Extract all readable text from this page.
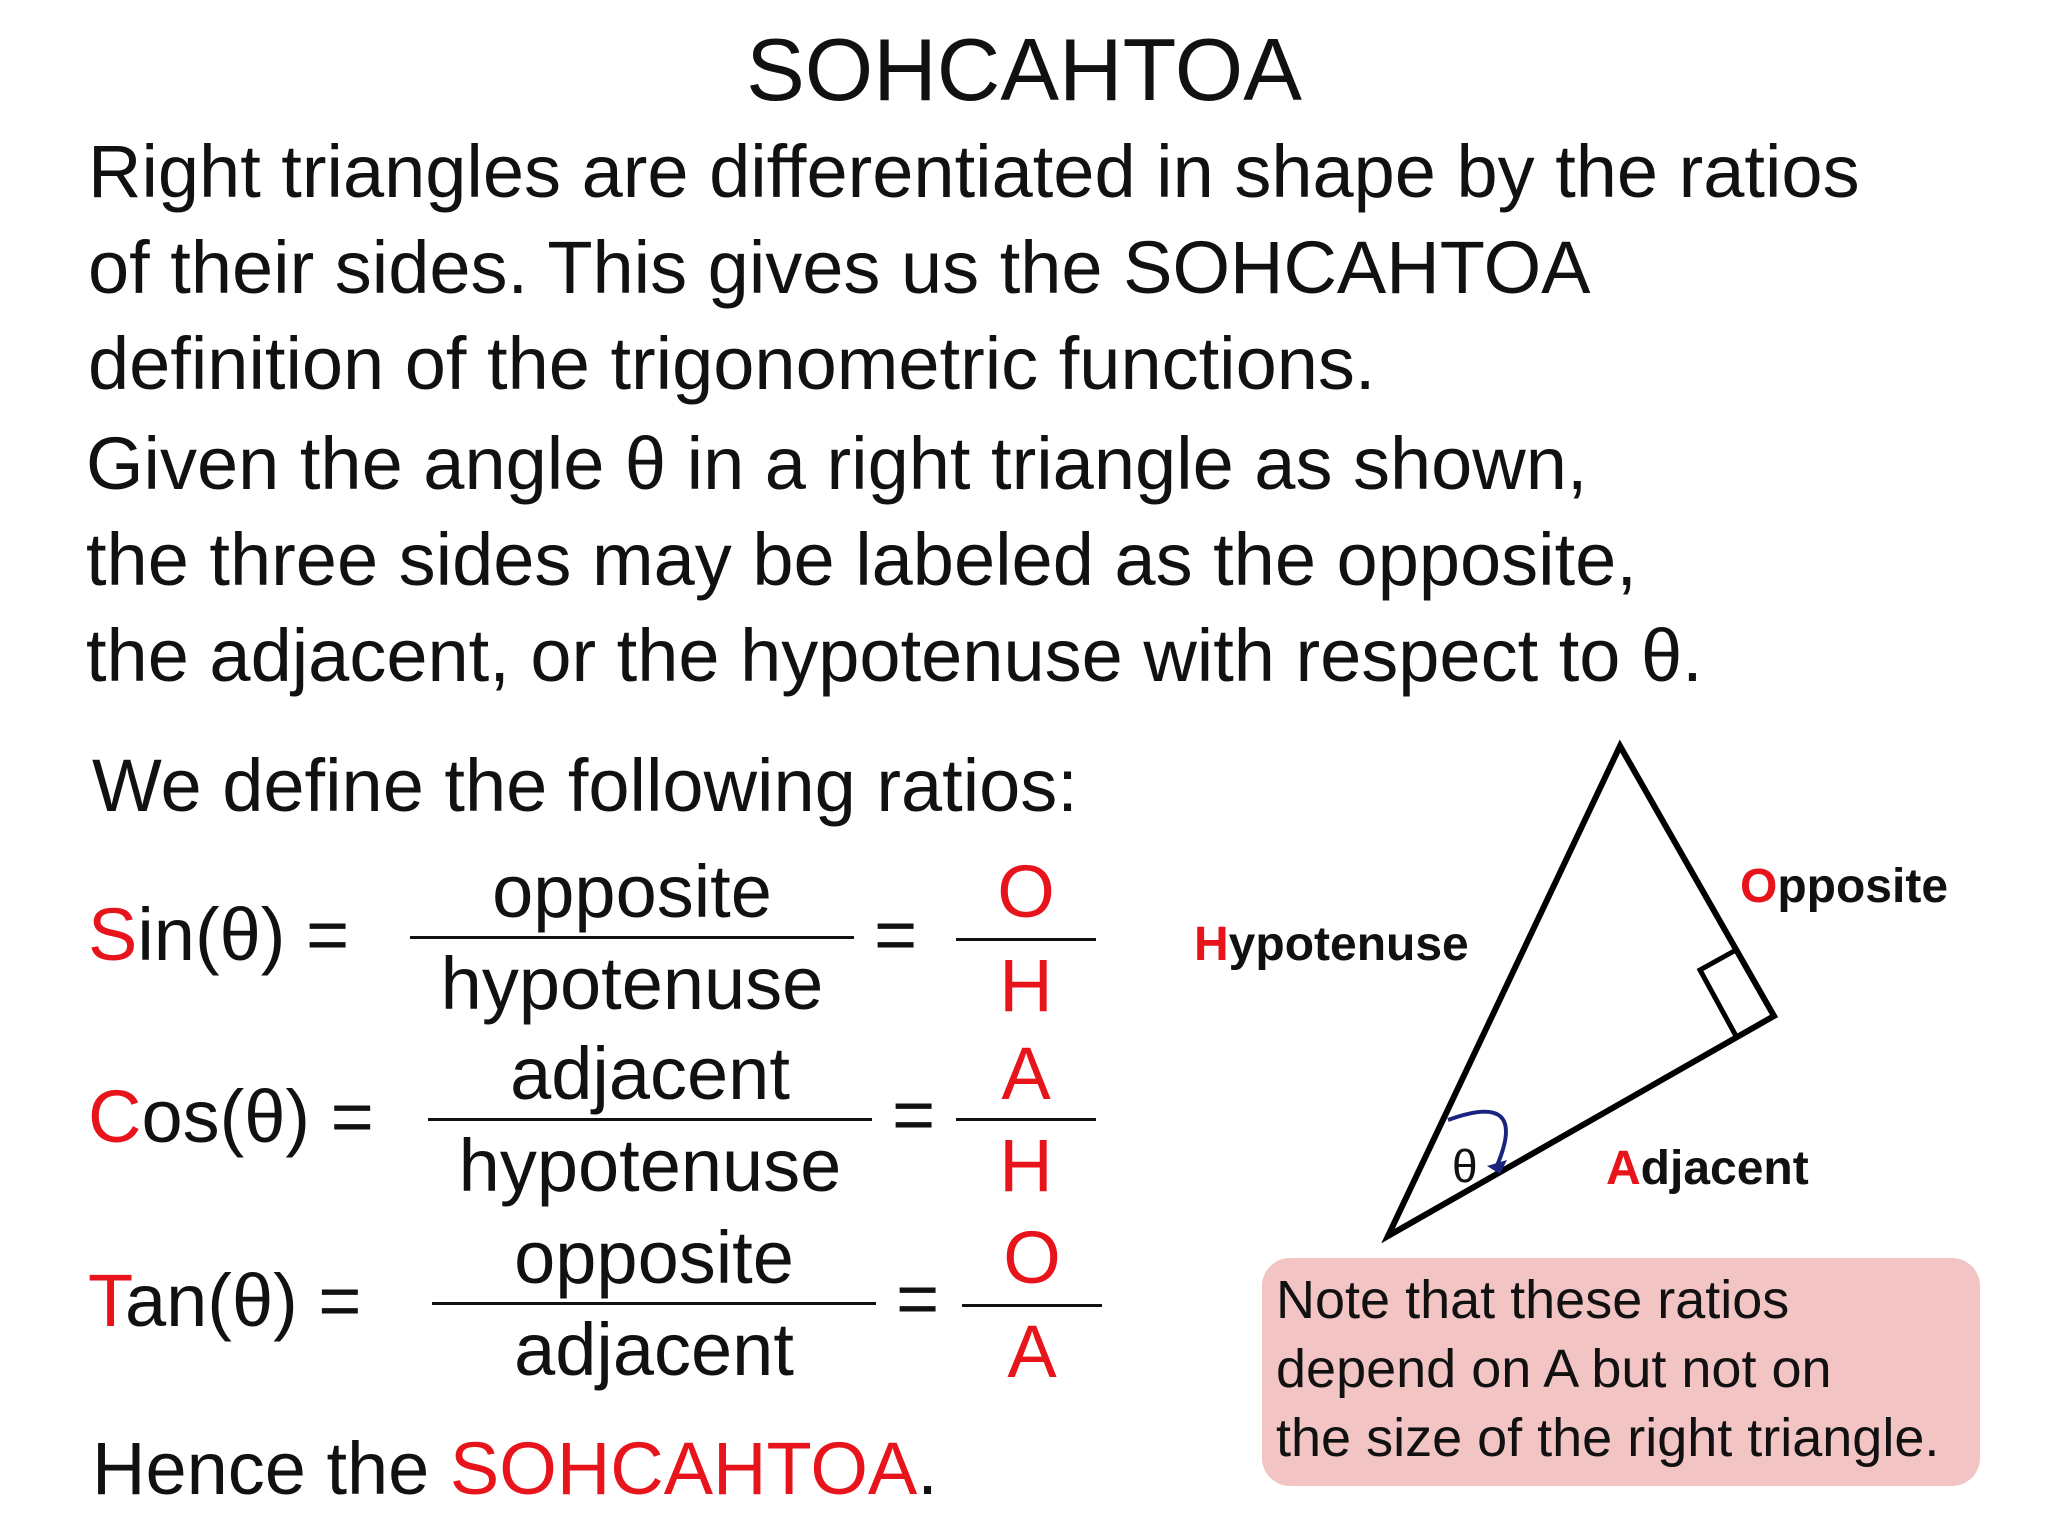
SOHCAHTOA
Right triangles are differentiated in shape by the ratios
of their sides. This gives us the SOHCAHTOA
definition of the trigonometric functions.
Given the angle θ in a right triangle as shown,
the three sides may be labeled as the opposite,
the adjacent, or the hypotenuse with respect to θ.
We define the following ratios:
Sin(θ) =
opposite
hypotenuse
=
O
H
Cos(θ) =
adjacent
hypotenuse
= A
H
Tan(θ) =
opposite
adjacent
= O
A
Hence the SOHCAHTOA.
θ
Hypotenuse
Opposite
Adjacent
Note that these ratios
depend on A but not on
the size of the right triangle.
